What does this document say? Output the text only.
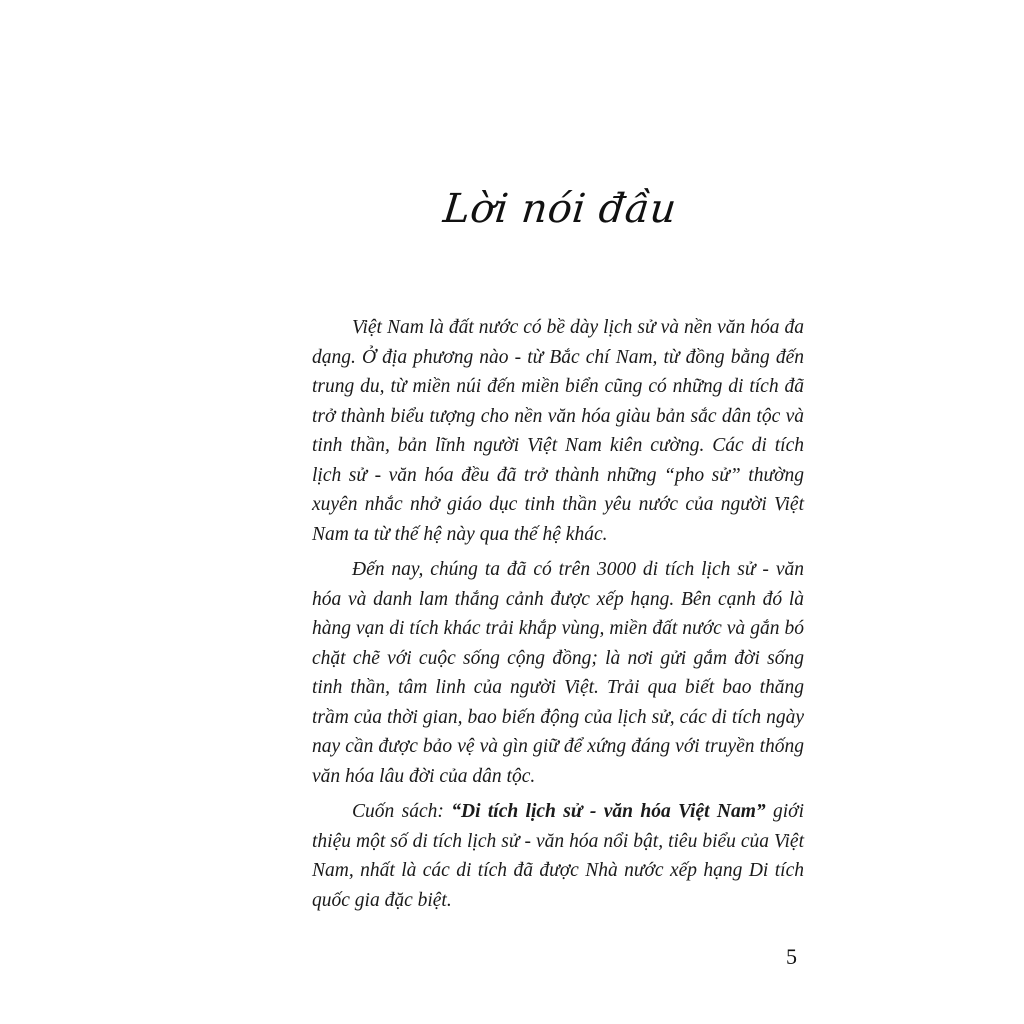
Lời nói đầu

Việt Nam là đất nước có bề dày lịch sử và nền văn hóa đa dạng. Ở địa phương nào - từ Bắc chí Nam, từ đồng bằng đến trung du, từ miền núi đến miền biển cũng có những di tích đã trở thành biểu tượng cho nền văn hóa giàu bản sắc dân tộc và tinh thần, bản lĩnh người Việt Nam kiên cường. Các di tích lịch sử - văn hóa đều đã trở thành những “pho sử” thường xuyên nhắc nhở giáo dục tinh thần yêu nước của người Việt Nam ta từ thế hệ này qua thế hệ khác.

Đến nay, chúng ta đã có trên 3000 di tích lịch sử - văn hóa và danh lam thắng cảnh được xếp hạng. Bên cạnh đó là hàng vạn di tích khác trải khắp vùng, miền đất nước và gắn bó chặt chẽ với cuộc sống cộng đồng; là nơi gửi gắm đời sống tinh thần, tâm linh của người Việt. Trải qua biết bao thăng trầm của thời gian, bao biến động của lịch sử, các di tích ngày nay cần được bảo vệ và gìn giữ để xứng đáng với truyền thống văn hóa lâu đời của dân tộc.

Cuốn sách: “Di tích lịch sử - văn hóa Việt Nam” giới thiệu một số di tích lịch sử - văn hóa nổi bật, tiêu biểu của Việt Nam, nhất là các di tích đã được Nhà nước xếp hạng Di tích quốc gia đặc biệt.

5
